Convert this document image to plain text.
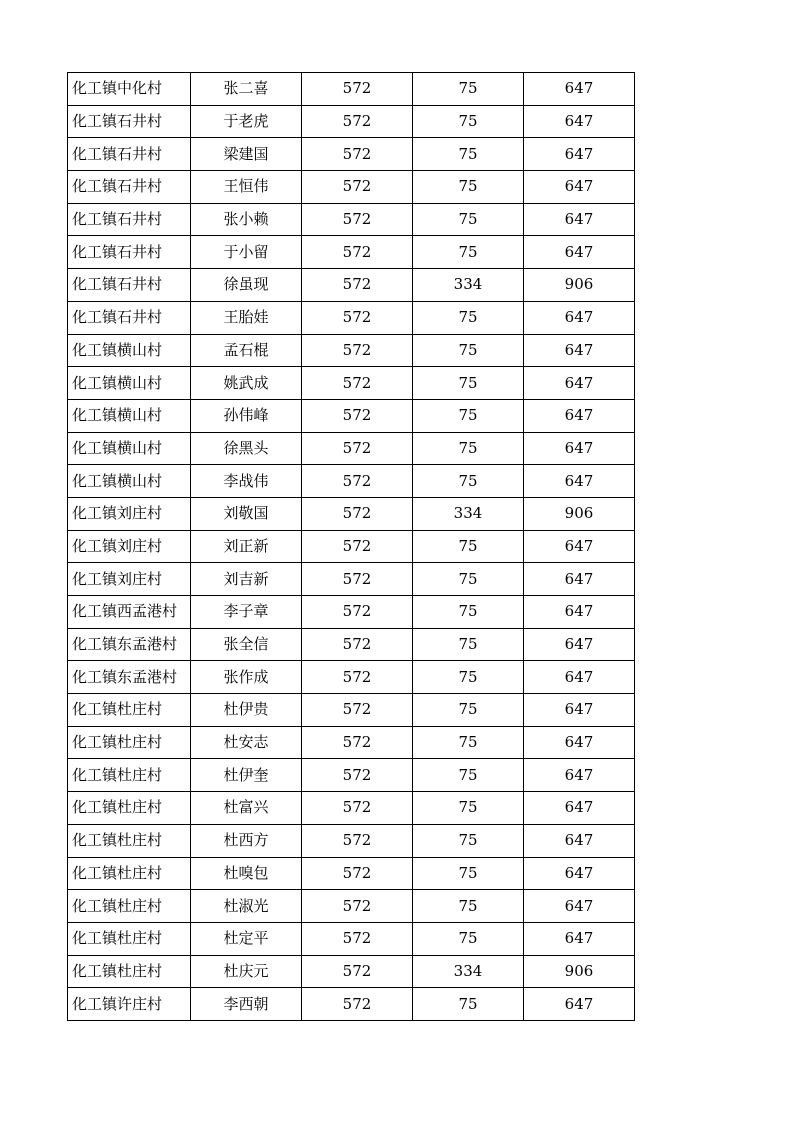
化工镇中化村	张二喜	572	75	647
化工镇石井村	于老虎	572	75	647
化工镇石井村	梁建国	572	75	647
化工镇石井村	王恒伟	572	75	647
化工镇石井村	张小赖	572	75	647
化工镇石井村	于小留	572	75	647
化工镇石井村	徐虽现	572	334	906
化工镇石井村	王胎娃	572	75	647
化工镇横山村	孟石棍	572	75	647
化工镇横山村	姚武成	572	75	647
化工镇横山村	孙伟峰	572	75	647
化工镇横山村	徐黑头	572	75	647
化工镇横山村	李战伟	572	75	647
化工镇刘庄村	刘敬国	572	334	906
化工镇刘庄村	刘正新	572	75	647
化工镇刘庄村	刘吉新	572	75	647
化工镇西孟港村	李子章	572	75	647
化工镇东孟港村	张全信	572	75	647
化工镇东孟港村	张作成	572	75	647
化工镇杜庄村	杜伊贵	572	75	647
化工镇杜庄村	杜安志	572	75	647
化工镇杜庄村	杜伊奎	572	75	647
化工镇杜庄村	杜富兴	572	75	647
化工镇杜庄村	杜西方	572	75	647
化工镇杜庄村	杜嗅包	572	75	647
化工镇杜庄村	杜淑光	572	75	647
化工镇杜庄村	杜定平	572	75	647
化工镇杜庄村	杜庆元	572	334	906
化工镇许庄村	李西朝	572	75	647
